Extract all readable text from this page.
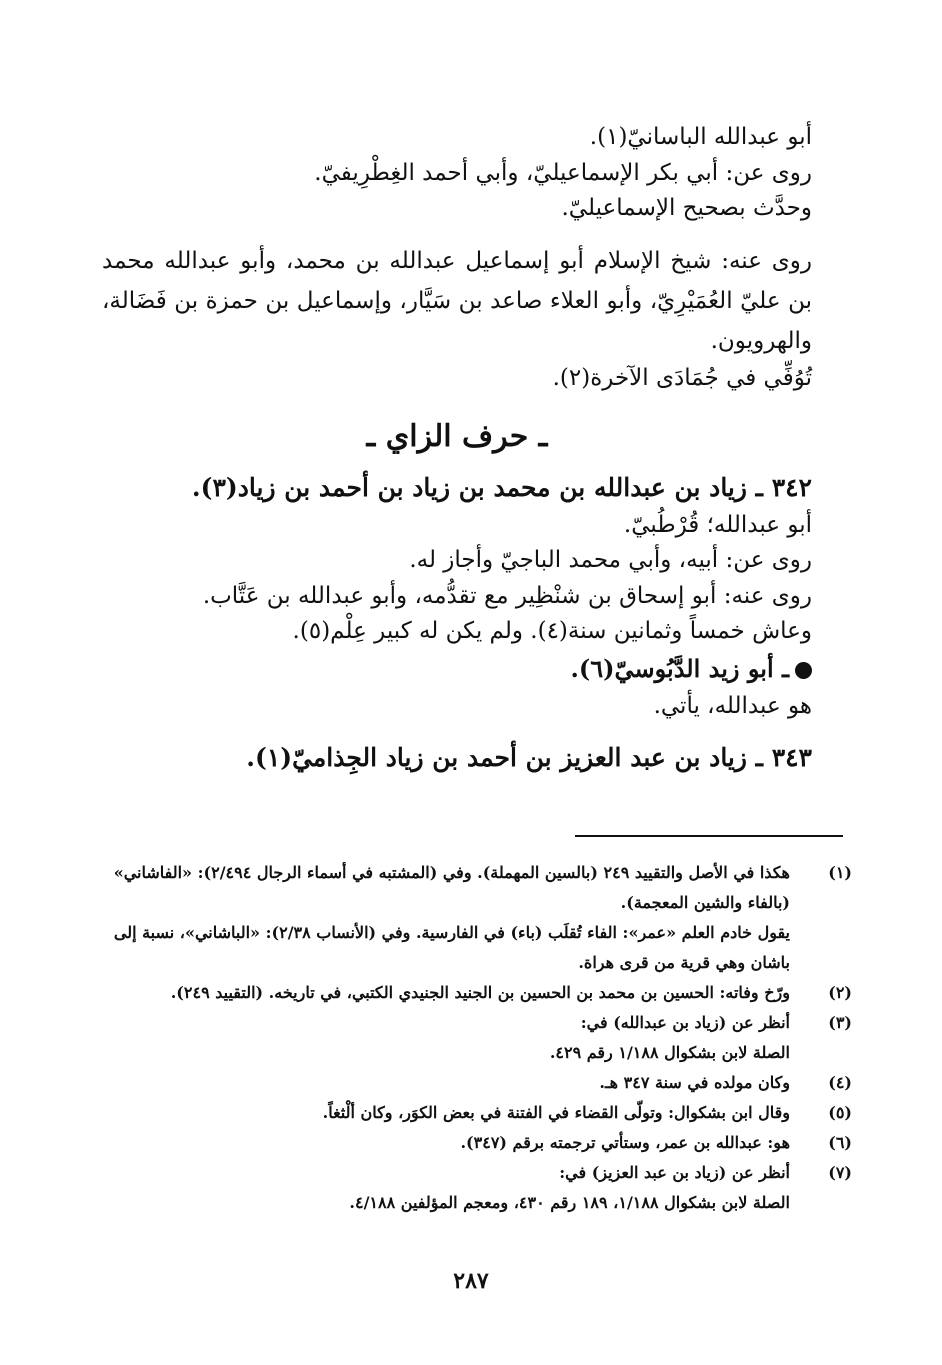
أبو عبدالله الباسانيّ(١).
روى عن: أبي بكر الإسماعيليّ، وأبي أحمد الغِطْرِيفيّ.
وحدَّث بصحيح الإسماعيليّ.
روى عنه: شيخ الإسلام أبو إسماعيل عبدالله بن محمد، وأبو عبدالله محمد بن عليّ العُمَيْرِيّ، وأبو العلاء صاعد بن سَيَّار، وإسماعيل بن حمزة بن فَضَالة، والهرويون.
تُوُفِّي في جُمَادَى الآخرة(٢).
ـ حرف الزاي ـ
٣٤٢ ـ زياد بن عبدالله بن محمد بن زياد بن أحمد بن زياد(٣).
أبو عبدالله؛ قُرْطُبيّ.
روى عن: أبيه، وأبي محمد الباجيّ وأجاز له.
روى عنه: أبو إسحاق بن شنْظِير مع تقدُّمه، وأبو عبدالله بن عَتَّاب.
وعاش خمساً وثمانين سنة(٤). ولم يكن له كبير عِلْم(٥).
ـ أبو زيد الدَّبُوسيّ(٦).
هو عبدالله، يأتي.
٣٤٣ ـ زياد بن عبد العزيز بن أحمد بن زياد الجِذاميّ(١).
(١)
هكذا في الأصل والتقييد ٢٤٩ (بالسين المهملة). وفي (المشتبه في أسماء الرجال ٢/٤٩٤): «الفاشاني» (بالفاء والشين المعجمة).
يقول خادم العلم «عمر»: الفاء تُقلَب (باء) في الفارسية. وفي (الأنساب ٢/٣٨): «الباشاني»، نسبة إلى باشان وهي قرية من قرى هراة.
(٢)
ورّخ وفاته: الحسين بن محمد بن الحسين بن الجنيد الجنيدي الكتبي، في تاريخه. (التقييد ٢٤٩).
(٣)
أنظر عن (زياد بن عبدالله) في:
الصلة لابن بشكوال ١/١٨٨ رقم ٤٢٩.
(٤)
وكان مولده في سنة ٣٤٧ هـ.
(٥)
وقال ابن بشكوال: وتولّى القضاء في الفتنة في بعض الكوَر، وكان ألْثغاً.
(٦)
هو: عبدالله بن عمر، وستأتي ترجمته برقم (٣٤٧).
(٧)
أنظر عن (زياد بن عبد العزيز) في:
الصلة لابن بشكوال ١/١٨٨، ١٨٩ رقم ٤٣٠، ومعجم المؤلفين ٤/١٨٨.
٢٨٧
